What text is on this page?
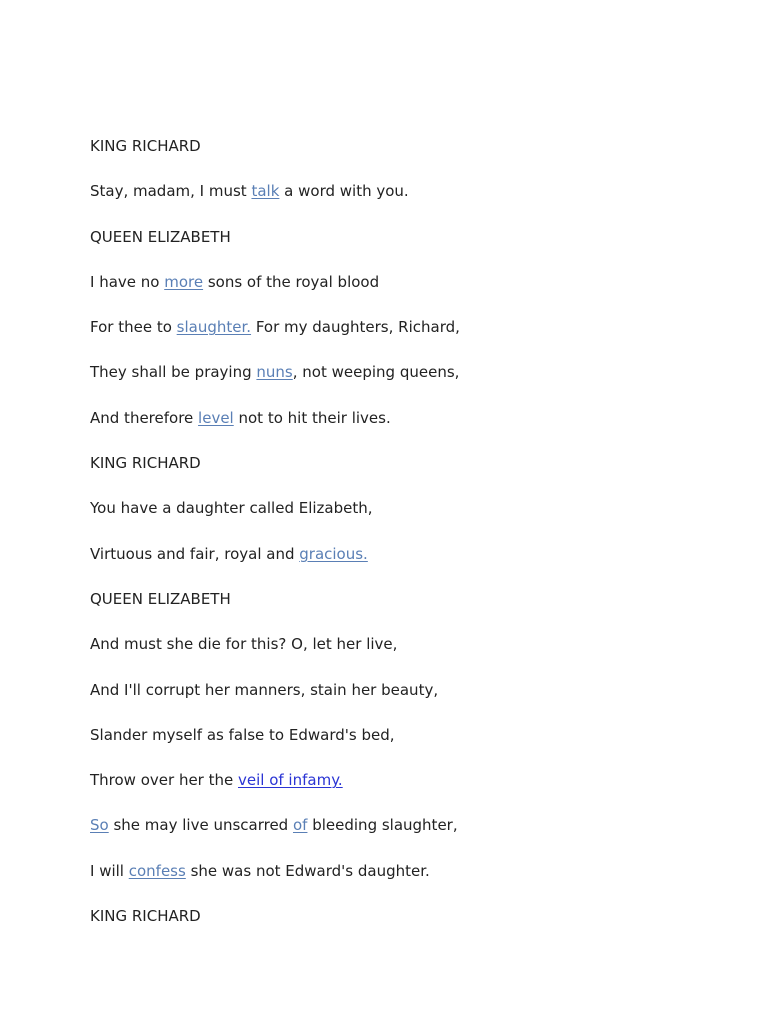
KING RICHARD
Stay, madam, I must talk a word with you.
QUEEN ELIZABETH
I have no more sons of the royal blood
For thee to slaughter. For my daughters, Richard,
They shall be praying nuns, not weeping queens,
And therefore level not to hit their lives.
KING RICHARD
You have a daughter called Elizabeth,
Virtuous and fair, royal and gracious.
QUEEN ELIZABETH
And must she die for this? O, let her live,
And I'll corrupt her manners, stain her beauty,
Slander myself as false to Edward's bed,
Throw over her the veil of infamy.
So she may live unscarred of bleeding slaughter,
I will confess she was not Edward's daughter.
KING RICHARD
